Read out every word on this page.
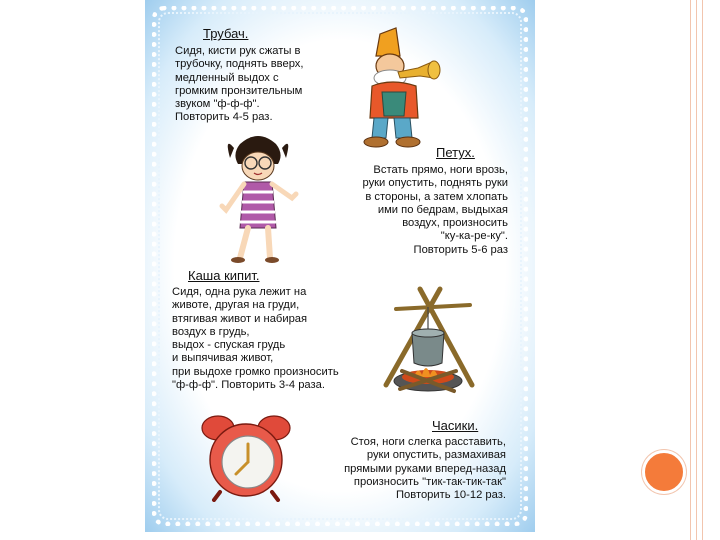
Трубач.
Сидя, кисти рук сжаты в
трубочку, поднять вверх,
медленный выдох с
громким пронзительным
звуком "ф-ф-ф".
Повторить 4-5 раз.
Петух.
Встать прямо, ноги врозь,
руки опустить, поднять руки
в стороны, а затем хлопать
ими по бедрам, выдыхая
воздух, произносить
"ку-ка-ре-ку".
Повторить 5-6 раз
Каша кипит.
Сидя, одна рука лежит на
животе, другая на груди,
втягивая живот и набирая
воздух в грудь,
выдох - спуская грудь
и выпячивая живот,
при выдохе громко произносить
"ф-ф-ф". Повторить 3-4 раза.
Часики.
Стоя, ноги слегка расставить,
руки опустить, размахивая
прямыми руками вперед-назад
произносить "тик-так-тик-так"
Повторить 10-12 раз.
